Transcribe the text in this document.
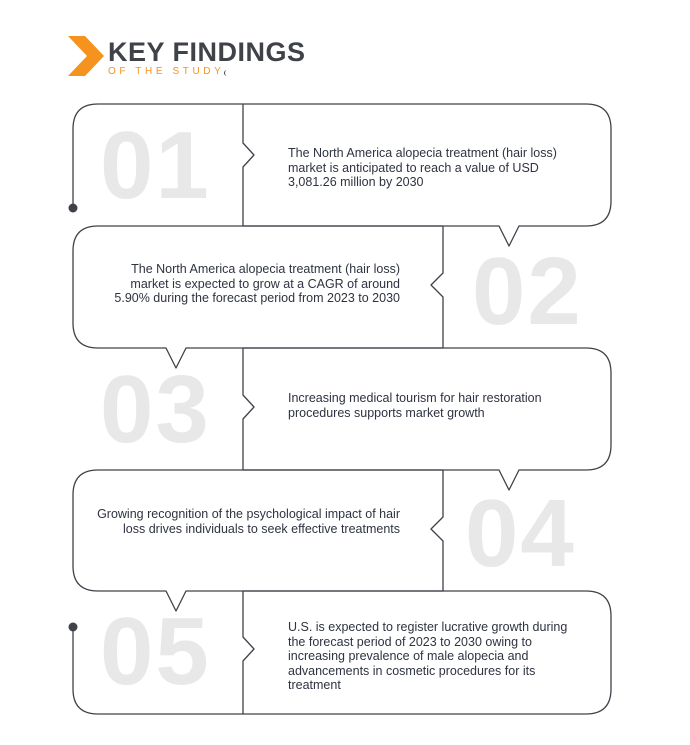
KEY FINDINGS
OF THE STUDY
01	The North America alopecia treatment (hair loss) market is anticipated to reach a value of USD 3,081.26 million by 2030

02

The North America alopecia treatment (hair loss) market is expected to grow at a CAGR of around 5.90% during the forecast period from 2023 to 2030

03	Increasing medical tourism for hair restoration procedures supports market growth

04

Growing recognition of the psychological impact of hair loss drives individuals to seek effective treatments

05	U.S. is expected to register lucrative growth during the forecast period of 2023 to 2030 owing to increasing prevalence of male alopecia and advancements in cosmetic procedures for its treatment
